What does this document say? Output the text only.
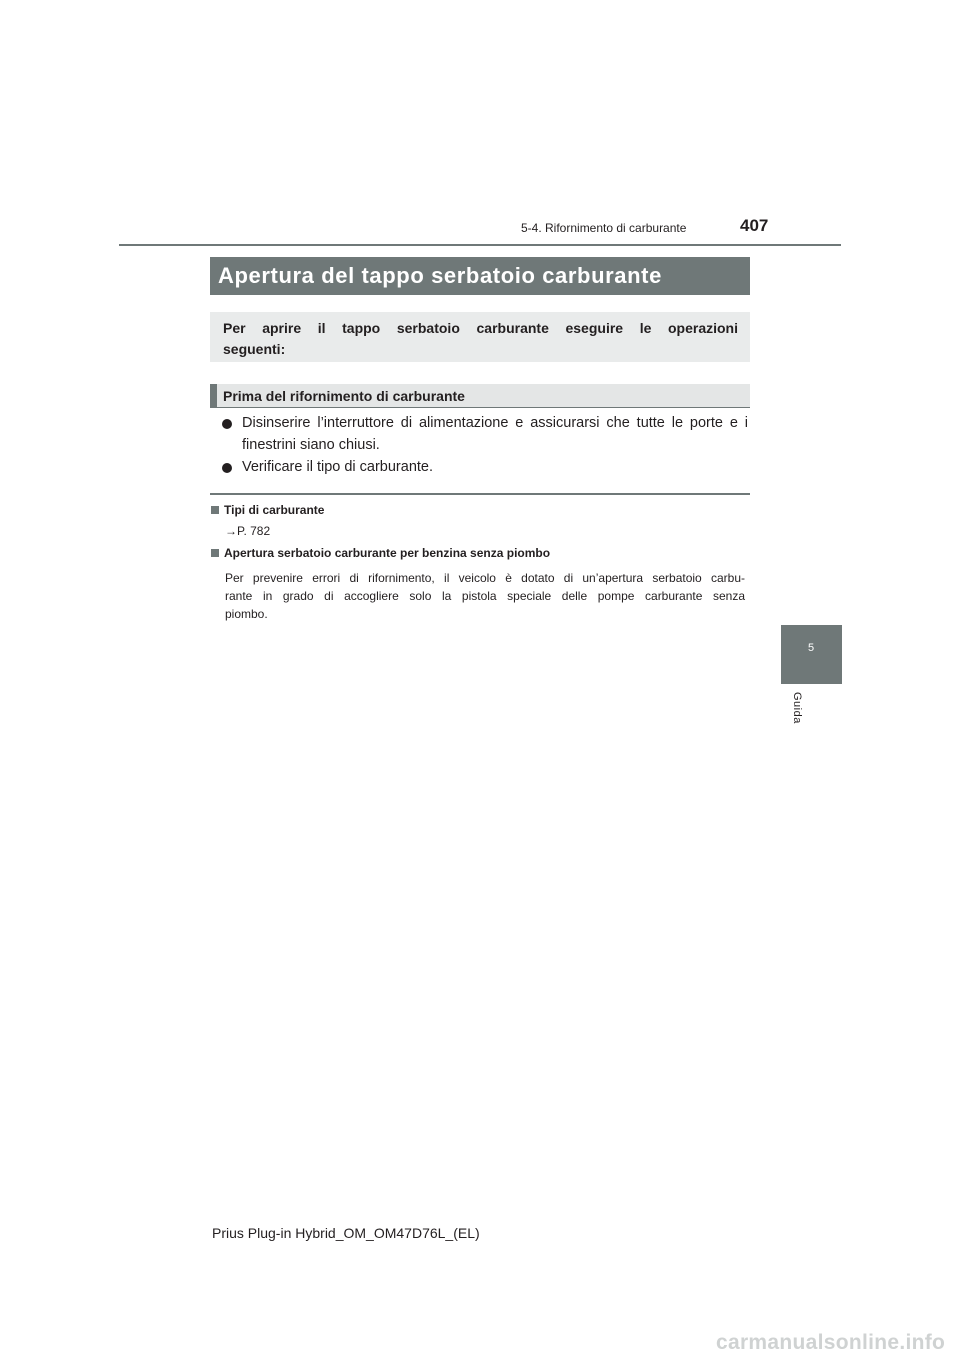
5-4. Rifornimento di carburante	407
Apertura del tappo serbatoio carburante
Per aprire il tappo serbatoio carburante eseguire le operazioni
seguenti:
Prima del rifornimento di carburante
Disinserire l’interruttore di alimentazione e assicurarsi che tutte le porte e i
finestrini siano chiusi.
Verificare il tipo di carburante.
Tipi di carburante
→P. 782
Apertura serbatoio carburante per benzina senza piombo
Per prevenire errori di rifornimento, il veicolo è dotato di un’apertura serbatoio carbu-
rante in grado di accogliere solo la pistola speciale delle pompe carburante senza
piombo.
5
Guida
Prius Plug-in Hybrid_OM_OM47D76L_(EL)
carmanualsonline.info
